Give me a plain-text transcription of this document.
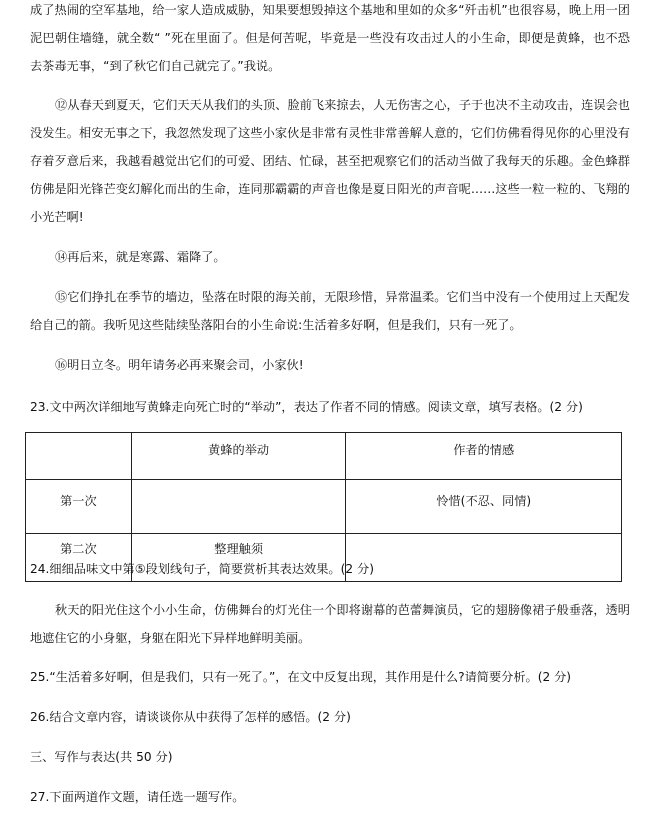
成了热闹的空军基地，给一家人造成威胁，知果要想毁掉这个基地和里如的众多“歼击机”也很容易，晚上用一团泥巴朝住墙缝，就全数“ ”死在里面了。但是何苦呢，毕竟是一些没有攻击过人的小生命，即便是黄蜂，也不恐去茶毒无事，“到了秋它们自己就完了。”我说。

⑫从春天到夏天，它们天天从我们的头顶、脸前飞来掠去，人无伤害之心，子于也决不主动攻击，连误会也没发生。相安无事之下，我忽然发现了这些小家伙是非常有灵性非常善解人意的，它们仿佛看得见你的心里没有存着歹意后来，我越看越觉出它们的可爱、团结、忙碌，甚至把观察它们的活动当做了我每天的乐趣。金色蜂群仿佛是阳光锋芒变幻解化而出的生命，连同那霸霸的声音也像是夏日阳光的声音呢……这些一粒一粒的、飞翔的小光芒啊!

⑭再后来，就是寒露、霜降了。

⑮它们挣扎在季节的墙边，坠落在时限的海关前，无限珍惜，异常温柔。它们当中没有一个使用过上天配发给自己的箭。我听见这些陆续坠落阳台的小生命说:生活着多好啊，但是我们，只有一死了。

⑯明日立冬。明年请务必再来聚会司，小家伙!

23.文中两次详细地写黄蜂走向死亡时的“举动”，表达了作者不同的情感。阅读文章，填写表格。(2 分)

	黄蜂的举动	作者的情感
第一次		怜惜(不忍、同情)
第二次	整理触须	

24.细细品味文中第⑤段划线句子，简要赏析其表达效果。(2 分)

秋天的阳光住这个小小生命，仿佛舞台的灯光住一个即将谢幕的芭蕾舞演员，它的翅膀像裙子般垂落，透明地遮住它的小身躯，身躯在阳光下异样地鲜明美丽。

25.“生活着多好啊，但是我们，只有一死了。”，在文中反复出现，其作用是什么?请简要分析。(2 分)

26.结合文章内容，请谈谈你从中获得了怎样的感悟。(2 分)

三、写作与表达(共 50 分)

27.下面两道作文题，请任选一题写作。
